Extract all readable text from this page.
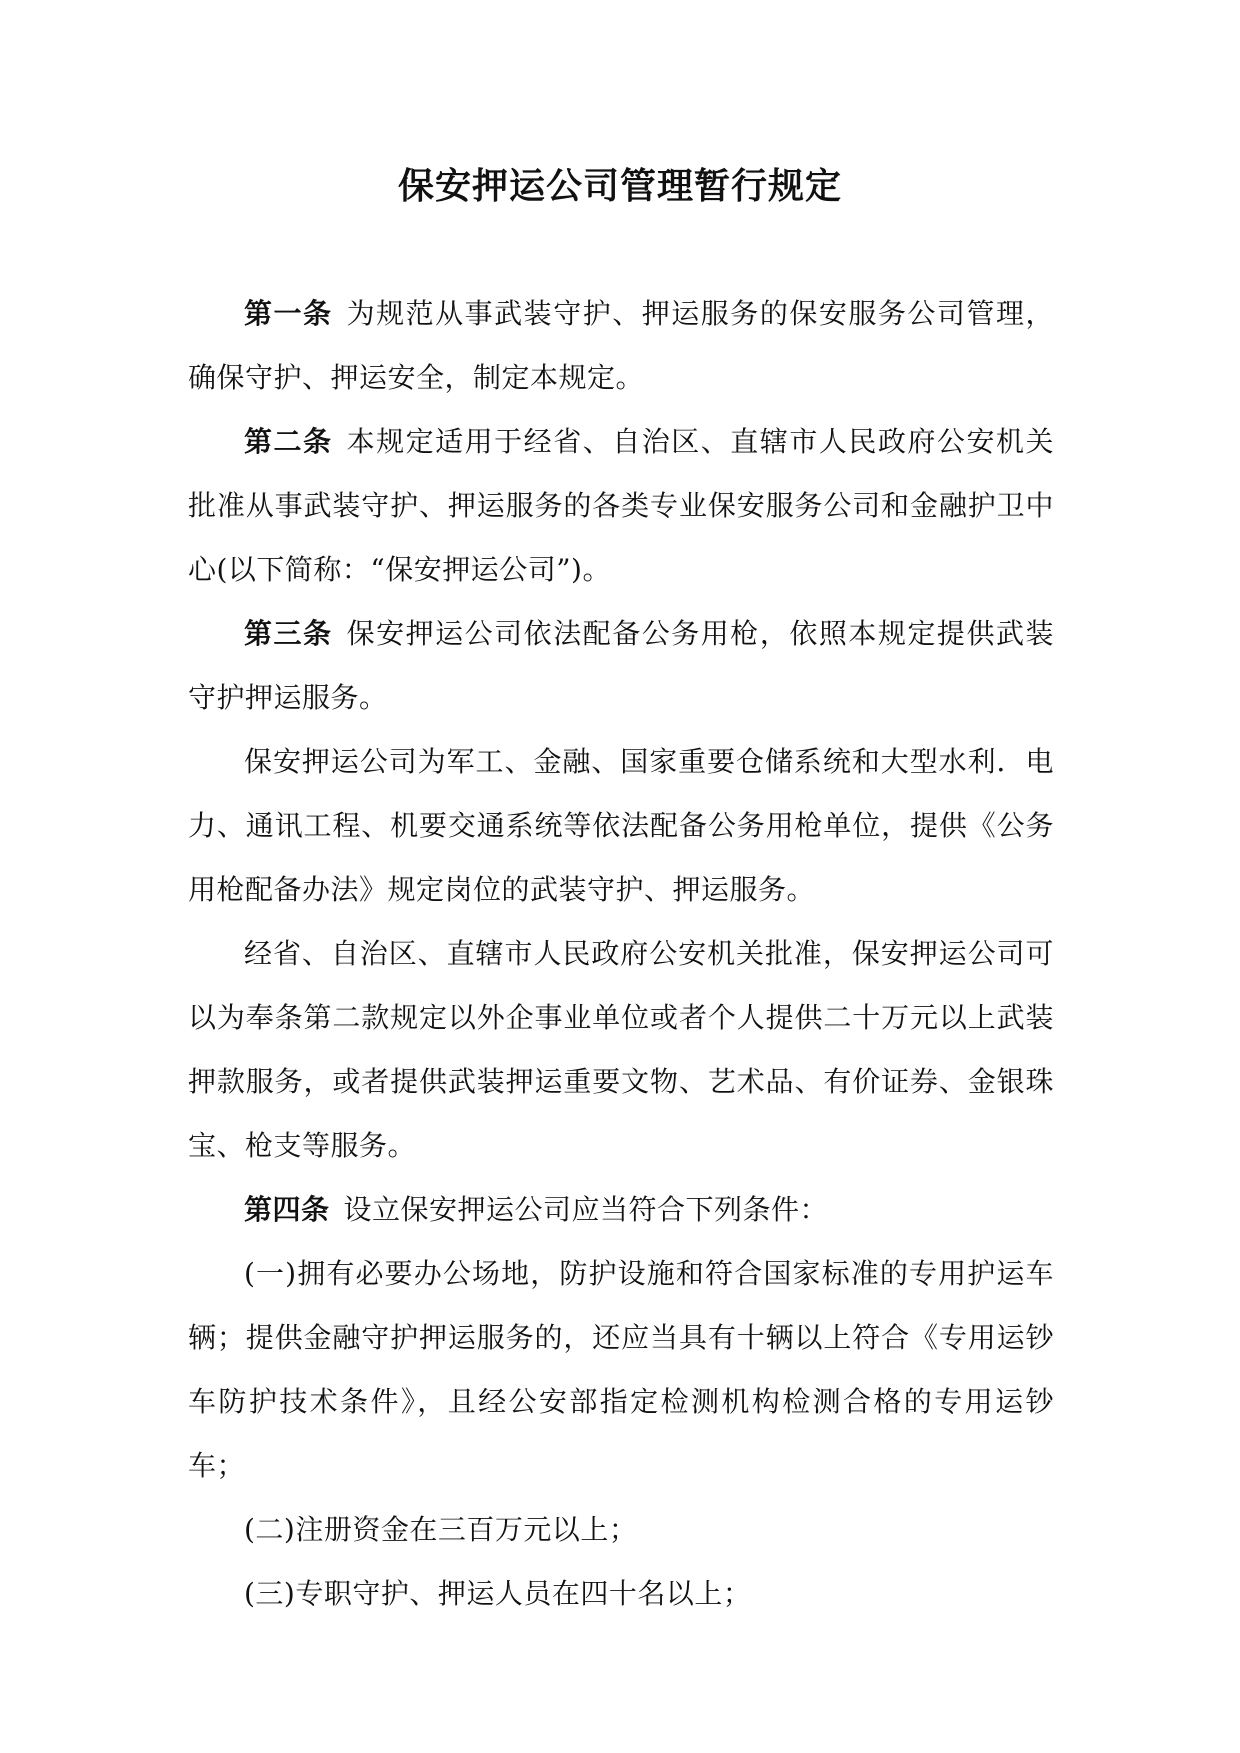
保安押运公司管理暂行规定

第一条 为规范从事武装守护、押运服务的保安服务公司管理，确保守护、押运安全，制定本规定。

第二条 本规定适用于经省、自治区、直辖市人民政府公安机关批准从事武装守护、押运服务的各类专业保安服务公司和金融护卫中心(以下简称：“保安押运公司”)。

第三条 保安押运公司依法配备公务用枪，依照本规定提供武装守护押运服务。

保安押运公司为军工、金融、国家重要仓储系统和大型水利．电力、通讯工程、机要交通系统等依法配备公务用枪单位，提供《公务用枪配备办法》规定岗位的武装守护、押运服务。

经省、自治区、直辖市人民政府公安机关批准，保安押运公司可以为奉条第二款规定以外企事业单位或者个人提供二十万元以上武装押款服务，或者提供武装押运重要文物、艺术品、有价证券、金银珠宝、枪支等服务。

第四条 设立保安押运公司应当符合下列条件：

(一)拥有必要办公场地，防护设施和符合国家标准的专用护运车辆；提供金融守护押运服务的，还应当具有十辆以上符合《专用运钞车防护技术条件》，且经公安部指定检测机构检测合格的专用运钞车；

(二)注册资金在三百万元以上；

(三)专职守护、押运人员在四十名以上；
